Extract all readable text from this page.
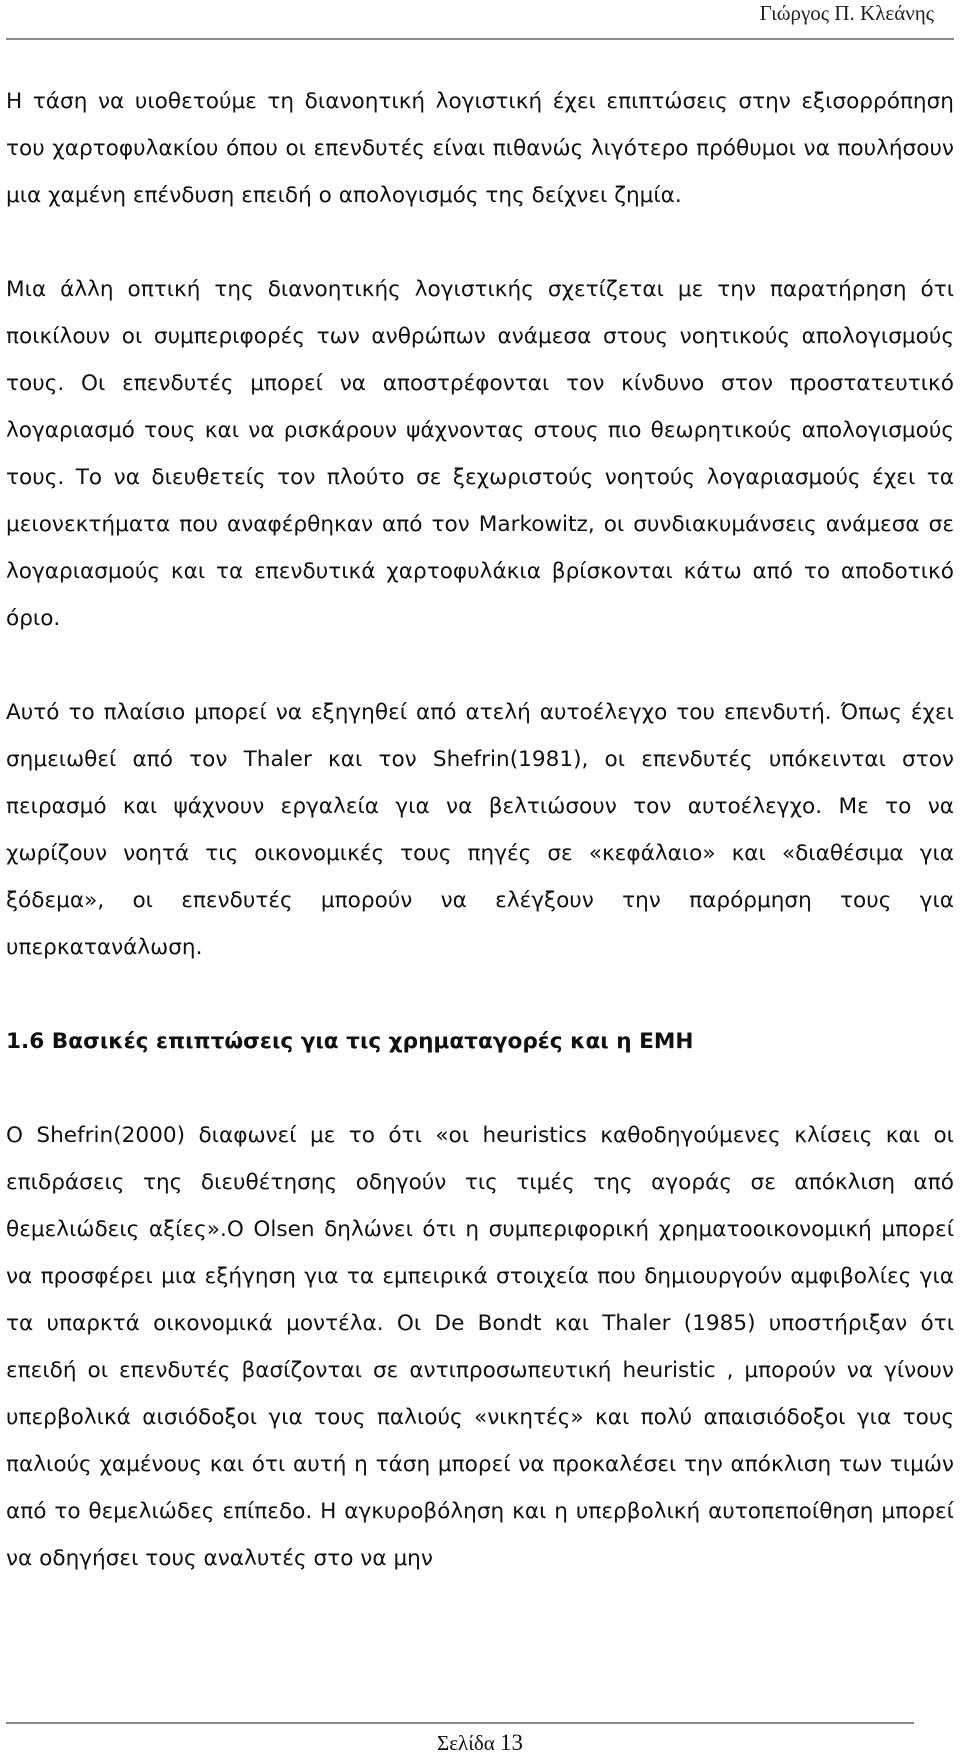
Γιώργος Π. Κλεάνης

Η τάση να υιοθετούμε τη διανοητική λογιστική έχει επιπτώσεις στην εξισορρόπηση του χαρτοφυλακίου όπου οι επενδυτές είναι πιθανώς λιγότερο πρόθυμοι να πουλήσουν μια χαμένη επένδυση επειδή ο απολογισμός της δείχνει ζημία.

Μια άλλη οπτική της διανοητικής λογιστικής σχετίζεται με την παρατήρηση ότι ποικίλουν οι συμπεριφορές των ανθρώπων ανάμεσα στους νοητικούς απολογισμούς τους. Οι επενδυτές μπορεί να αποστρέφονται τον κίνδυνο στον προστατευτικό λογαριασμό τους και να ρισκάρουν ψάχνοντας στους πιο θεωρητικούς απολογισμούς τους. Το να διευθετείς τον πλούτο σε ξεχωριστούς νοητούς λογαριασμούς έχει τα μειονεκτήματα που αναφέρθηκαν από τον Markowitz, οι συνδιακυμάνσεις ανάμεσα σε λογαριασμούς και τα επενδυτικά χαρτοφυλάκια βρίσκονται κάτω από το αποδοτικό όριο.

Αυτό το πλαίσιο μπορεί να εξηγηθεί από ατελή αυτοέλεγχο του επενδυτή. Όπως έχει σημειωθεί από τον Thaler και τον Shefrin(1981), οι επενδυτές υπόκεινται στον πειρασμό και ψάχνουν εργαλεία για να βελτιώσουν τον αυτοέλεγχο. Με το να χωρίζουν νοητά τις οικονομικές τους πηγές σε «κεφάλαιο» και «διαθέσιμα για ξόδεμα», οι επενδυτές μπορούν να ελέγξουν την παρόρμηση τους για υπερκατανάλωση.

1.6 Βασικές επιπτώσεις για τις χρηματαγορές και η ΕΜΗ

Ο Shefrin(2000) διαφωνεί με το ότι «οι heuristics καθοδηγούμενες κλίσεις και οι επιδράσεις της διευθέτησης οδηγούν τις τιμές της αγοράς σε απόκλιση από θεμελιώδεις αξίες».Ο Olsen δηλώνει ότι η συμπεριφορική χρηματοοικονομική μπορεί να προσφέρει μια εξήγηση για τα εμπειρικά στοιχεία που δημιουργούν αμφιβολίες για τα υπαρκτά οικονομικά μοντέλα. Οι De Bondt και Thaler (1985) υποστήριξαν ότι επειδή οι επενδυτές βασίζονται σε αντιπροσωπευτική heuristic , μπορούν να γίνουν υπερβολικά αισιόδοξοι για τους παλιούς «νικητές» και πολύ απαισιόδοξοι για τους παλιούς χαμένους και ότι αυτή η τάση μπορεί να προκαλέσει την απόκλιση των τιμών από το θεμελιώδες επίπεδο. Η αγκυροβόληση και η υπερβολική αυτοπεποίθηση μπορεί να οδηγήσει τους αναλυτές στο να μην

Σελίδα 13
